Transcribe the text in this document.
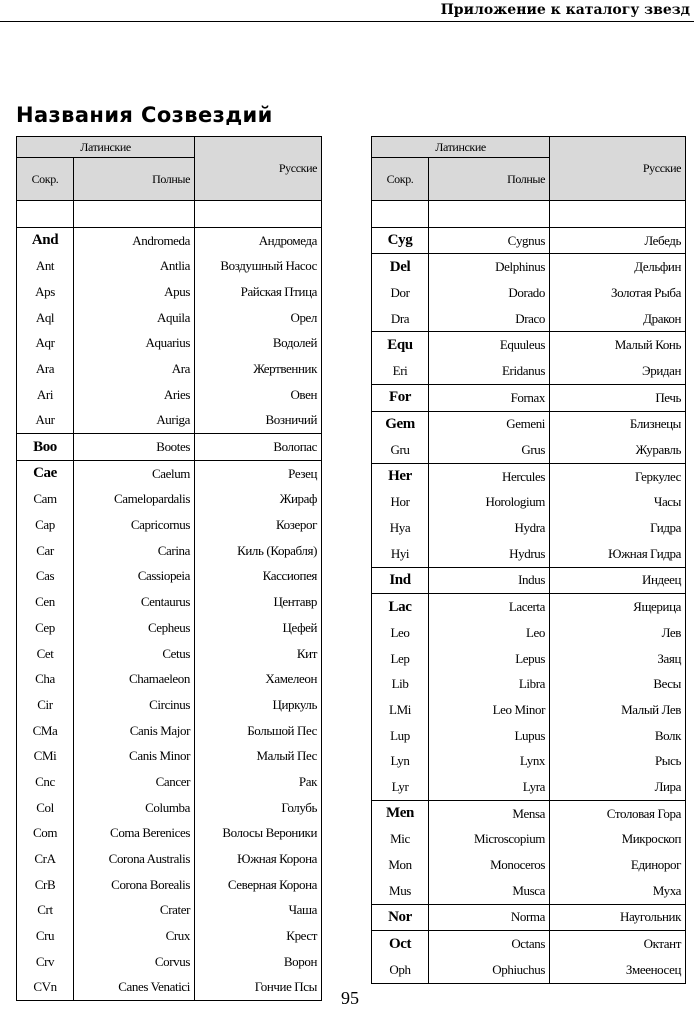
Приложение к каталогу звезд
Названия Созвездий
Латинские		Русские
Сокр.	Полные	

And	Andromeda	Андромеда
Ant	Antlia	Воздушный Насос
Aps	Apus	Райская Птица
Aql	Aquila	Орел
Aqr	Aquarius	Водолей
Ara	Ara	Жертвенник
Ari	Aries	Овен
Aur	Auriga	Возничий
Boo	Bootes	Волопас
Cae	Caelum	Резец
Cam	Camelopardalis	Жираф
Cap	Capricornus	Козерог
Car	Carina	Киль (Корабля)
Cas	Cassiopeia	Кассиопея
Cen	Centaurus	Центавр
Cep	Cepheus	Цефей
Cet	Cetus	Кит
Cha	Chamaeleon	Хамелеон
Cir	Circinus	Циркуль
CMa	Canis Major	Большой Пес
CMi	Canis Minor	Малый Пес
Cnc	Cancer	Рак
Col	Columba	Голубь
Com	Coma Berenices	Волосы Вероники
CrA	Corona Australis	Южная Корона
CrB	Corona Borealis	Северная Корона
Crt	Crater	Чаша
Cru	Crux	Крест
Crv	Corvus	Ворон
CVn	Canes Venatici	Гончие Псы
Латинские		Русские
Сокр.	Полные	

Cyg	Cygnus	Лебедь
Del	Delphinus	Дельфин
Dor	Dorado	Золотая Рыба
Dra	Draco	Дракон
Equ	Equuleus	Малый Конь
Eri	Eridanus	Эридан
For	Fornax	Печь
Gem	Gemeni	Близнецы
Gru	Grus	Журавль
Her	Hercules	Геркулес
Hor	Horologium	Часы
Hya	Hydra	Гидра
Hyi	Hydrus	Южная Гидра
Ind	Indus	Индеец
Lac	Lacerta	Ящерица
Leo	Leo	Лев
Lep	Lepus	Заяц
Lib	Libra	Весы
LMi	Leo Minor	Малый Лев
Lup	Lupus	Волк
Lyn	Lynx	Рысь
Lyr	Lyra	Лира
Men	Mensa	Столовая Гора
Mic	Microscopium	Микроскоп
Mon	Monoceros	Единорог
Mus	Musca	Муха
Nor	Norma	Наугольник
Oct	Octans	Октант
Oph	Ophiuchus	Змееносец
95
